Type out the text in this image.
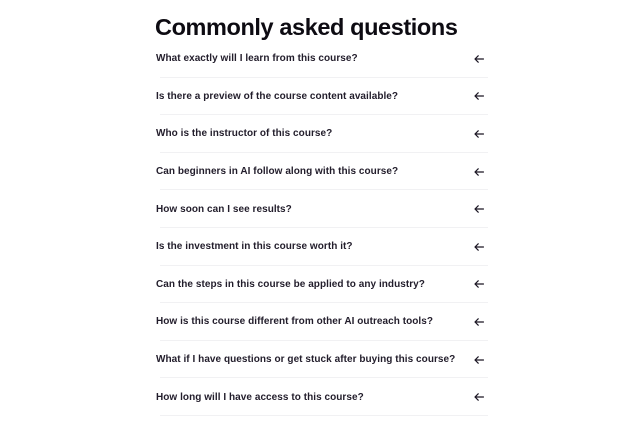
Commonly asked questions
What exactly will I learn from this course?
Is there a preview of the course content available?
Who is the instructor of this course?
Can beginners in AI follow along with this course?
How soon can I see results?
Is the investment in this course worth it?
Can the steps in this course be applied to any industry?
How is this course different from other AI outreach tools?
What if I have questions or get stuck after buying this course?
How long will I have access to this course?
